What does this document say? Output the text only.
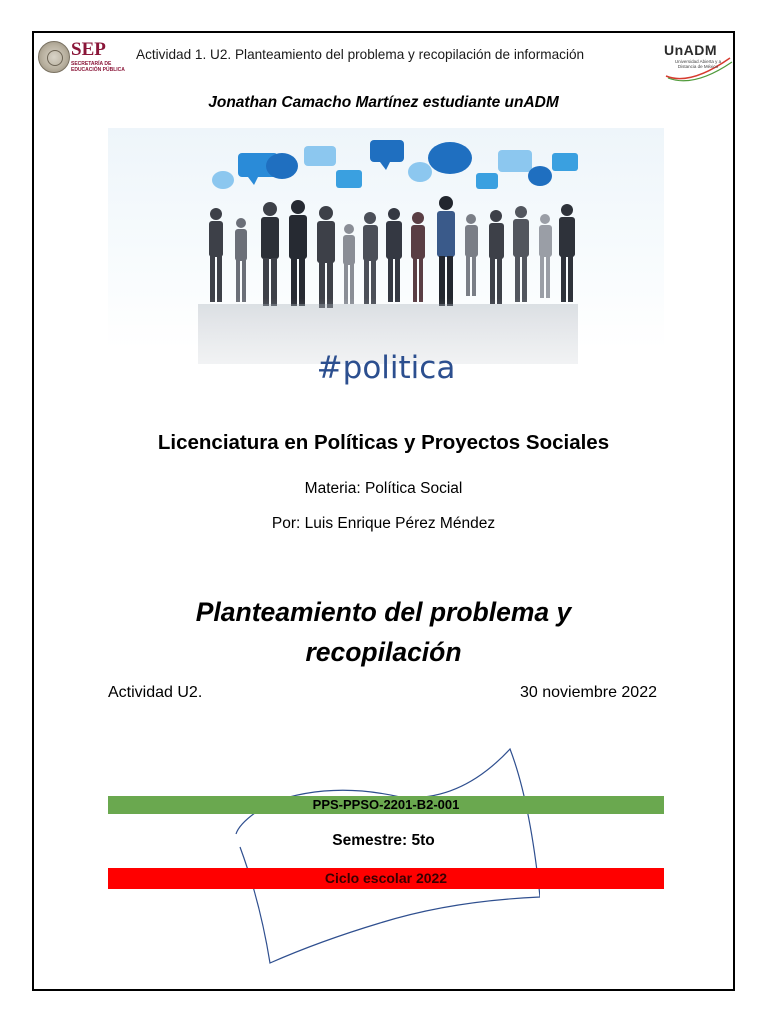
SEP
SECRETARÍA DE EDUCACIÓN PÚBLICA
Actividad 1. U2. Planteamiento del problema y recopilación de información	UnADM
Universidad Abierta y a Distancia de México
Jonathan Camacho Martínez estudiante unADM
#politica
Licenciatura en Políticas y Proyectos Sociales
Materia: Política Social
Por: Luis Enrique Pérez Méndez
Planteamiento del problema y
recopilación
Actividad U2.	30 noviembre 2022
PPS-PPSO-2201-B2-001
Semestre: 5to
Ciclo escolar 2022
